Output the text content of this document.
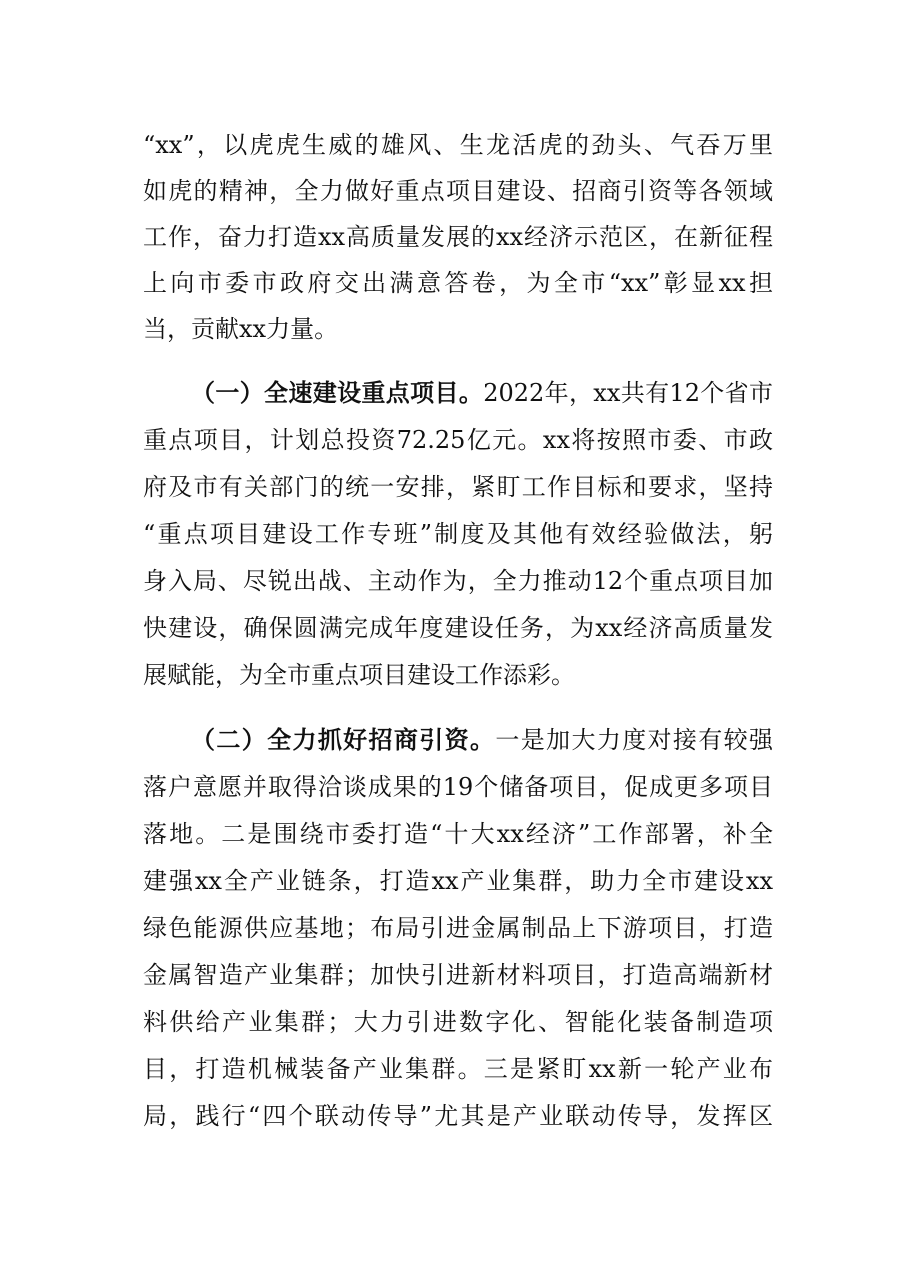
“xx”，以虎虎生威的雄风、生龙活虎的劲头、气吞万里
如虎的精神，全力做好重点项目建设、招商引资等各领域
工作，奋力打造xx高质量发展的xx经济示范区，在新征程
上向市委市政府交出满意答卷，为全市“xx”彰显xx担
当，贡献xx力量。
（一）全速建设重点项目。2022年，xx共有12个省市
重点项目，计划总投资72.25亿元。xx将按照市委、市政
府及市有关部门的统一安排，紧盯工作目标和要求，坚持
“重点项目建设工作专班”制度及其他有效经验做法，躬
身入局、尽锐出战、主动作为，全力推动12个重点项目加
快建设，确保圆满完成年度建设任务，为xx经济高质量发
展赋能，为全市重点项目建设工作添彩。
（二）全力抓好招商引资。一是加大力度对接有较强
落户意愿并取得洽谈成果的19个储备项目，促成更多项目
落地。二是围绕市委打造“十大xx经济”工作部署，补全
建强xx全产业链条，打造xx产业集群，助力全市建设xx
绿色能源供应基地；布局引进金属制品上下游项目，打造
金属智造产业集群；加快引进新材料项目，打造高端新材
料供给产业集群；大力引进数字化、智能化装备制造项
目，打造机械装备产业集群。三是紧盯xx新一轮产业布
局，践行“四个联动传导”尤其是产业联动传导，发挥区
